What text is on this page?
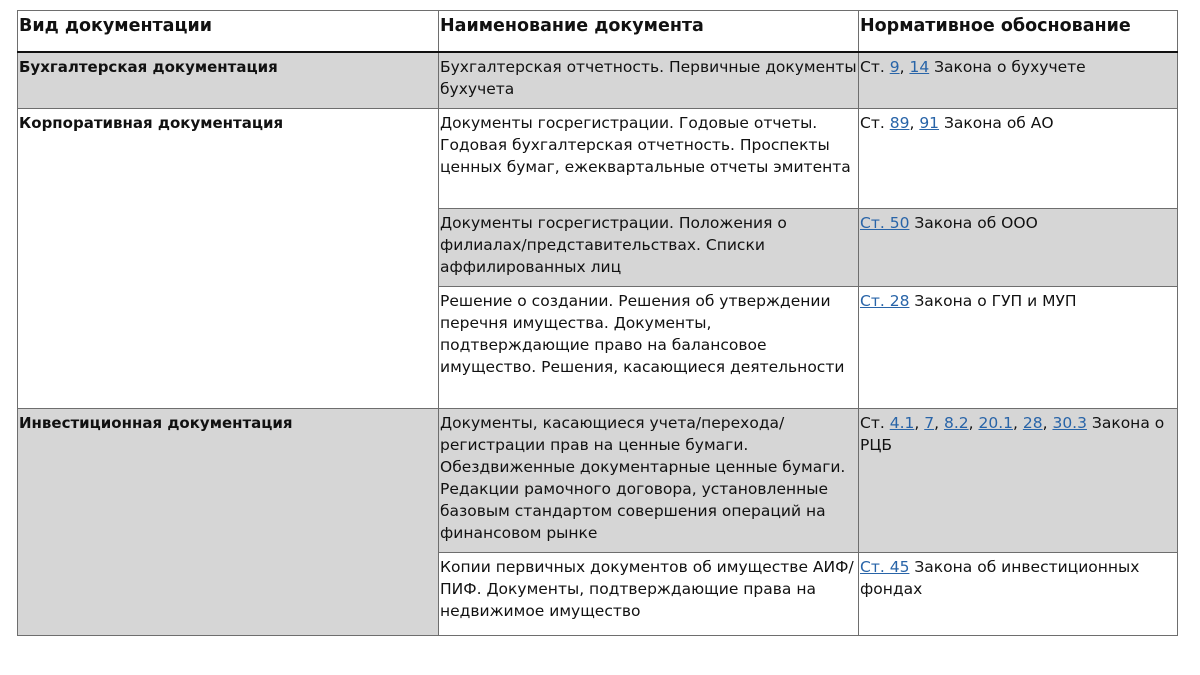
Вид документации	Наименование документа	Нормативное обоснование
Бухгалтерская документация	Бухгалтерская отчетность. Первичные документы бухучета	Ст. 9, 14 Закона о бухучете
Корпоративная документация	Документы госрегистрации. Годовые отчеты. Годовая бухгалтерская отчетность. Проспекты ценных бумаг, ежеквартальные отчеты эмитента	Ст. 89, 91 Закона об АО
	Документы госрегистрации. Положения о филиалах/представительствах. Списки аффилированных лиц	Ст. 50 Закона об ООО
	Решение о создании. Решения об утверждении перечня имущества. Документы, подтверждающие право на балансовое имущество. Решения, касающиеся деятельности	Ст. 28 Закона о ГУП и МУП
Инвестиционная документация	Документы, касающиеся учета/перехода/регистрации прав на ценные бумаги. Обездвиженные документарные ценные бумаги. Редакции рамочного договора, установленные базовым стандартом совершения операций на финансовом рынке	Ст. 4.1, 7, 8.2, 20.1, 28, 30.3 Закона о РЦБ
	Копии первичных документов об имуществе АИФ/ПИФ. Документы, подтверждающие права на недвижимое имущество	Ст. 45 Закона об инвестиционных фондах
